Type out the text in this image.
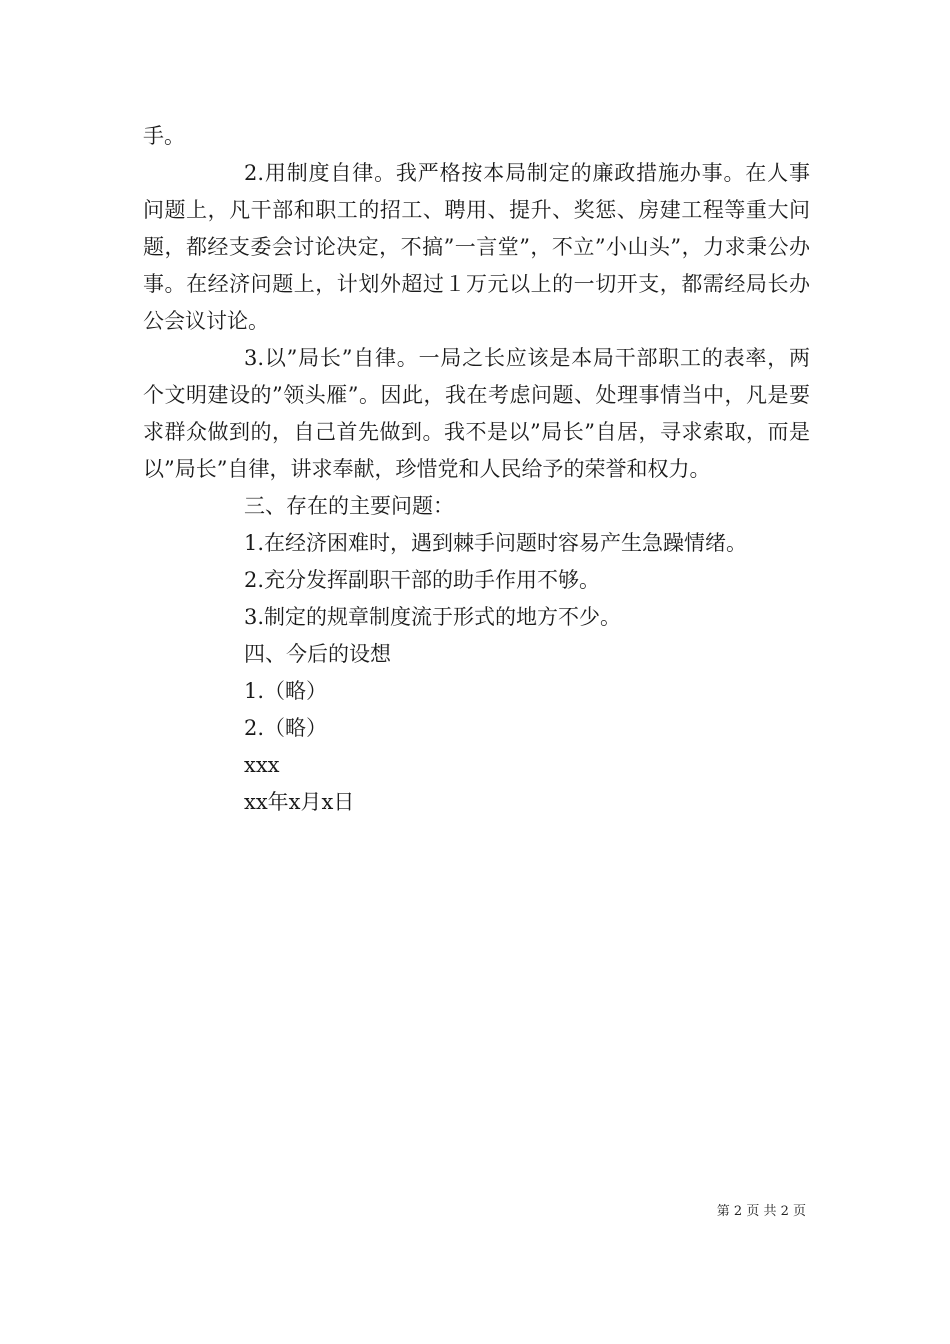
手。

2.用制度自律。我严格按本局制定的廉政措施办事。在人事问题上，凡干部和职工的招工、聘用、提升、奖惩、房建工程等重大问题，都经支委会讨论决定，不搞”一言堂”，不立”小山头”，力求秉公办事。在经济问题上，计划外超过１万元以上的一切开支，都需经局长办公会议讨论。

3.以”局长”自律。一局之长应该是本局干部职工的表率，两个文明建设的”领头雁”。因此，我在考虑问题、处理事情当中，凡是要求群众做到的，自己首先做到。我不是以”局长”自居，寻求索取，而是以”局长”自律，讲求奉献，珍惜党和人民给予的荣誉和权力。

三、存在的主要问题：

1.在经济困难时，遇到棘手问题时容易产生急躁情绪。

2.充分发挥副职干部的助手作用不够。

3.制定的规章制度流于形式的地方不少。

四、今后的设想

1.（略）

2.（略）

xxx

xx年x月x日

第 2 页 共 2 页
